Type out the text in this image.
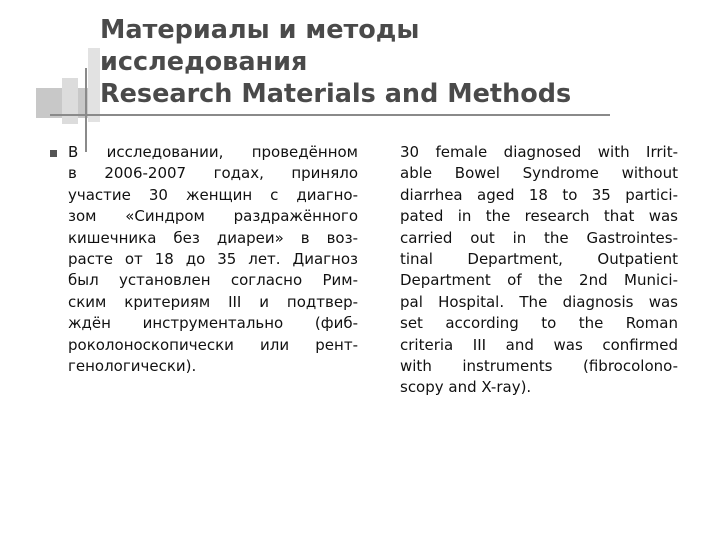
Материалы и методы
исследования
Research Materials and Methods

В исследовании, проведённом
в 2006-2007 годах, приняло
участие 30 женщин с диагно-
зом «Синдром раздражённого
кишечника без диареи» в воз-
расте от 18 до 35 лет. Диагноз
был установлен согласно Рим-
ским критериям III и подтвер-
ждён инструментально (фиб-
роколоноскопически или рент-
генологически).

30 female diagnosed with Irrit-
able Bowel Syndrome without
diarrhea aged 18 to 35 partici-
pated in the research that was
carried out in the Gastrointes-
tinal Department, Outpatient
Department of the 2nd Munici-
pal Hospital. The diagnosis was
set according to the Roman
criteria III and was confirmed
with instruments (fibrocolono-
scopy and X-ray).
